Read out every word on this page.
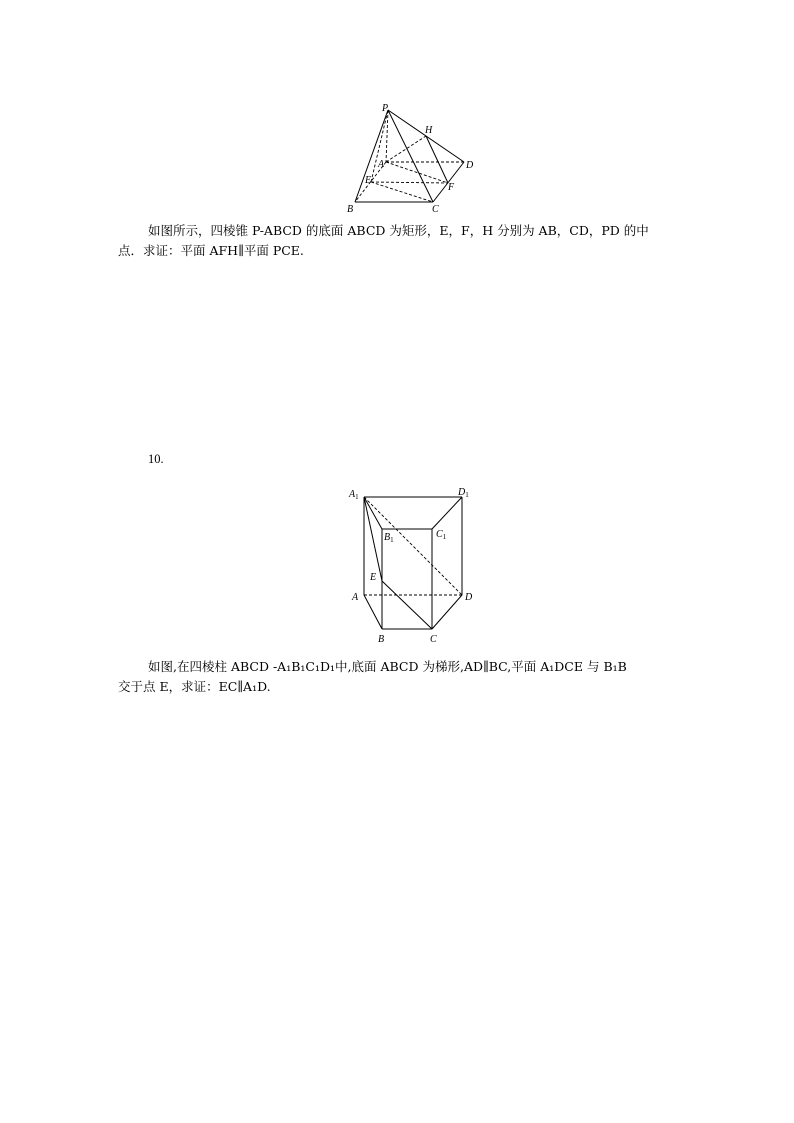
P
H
A	D
E
F
B	C
如图所示，四棱锥 P-ABCD 的底面 ABCD 为矩形，E，F，H 分别为 AB，CD，PD 的中
点．求证：平面 AFH∥平面 PCE.
10.
$A_1$	$D_1$
$B_1$	$C_1$
E
A	D
B	C
如图,在四棱柱 ABCD -A₁B₁C₁D₁中,底面 ABCD 为梯形,AD∥BC,平面 A₁DCE 与 B₁B
交于点 E，求证：EC∥A₁D.
